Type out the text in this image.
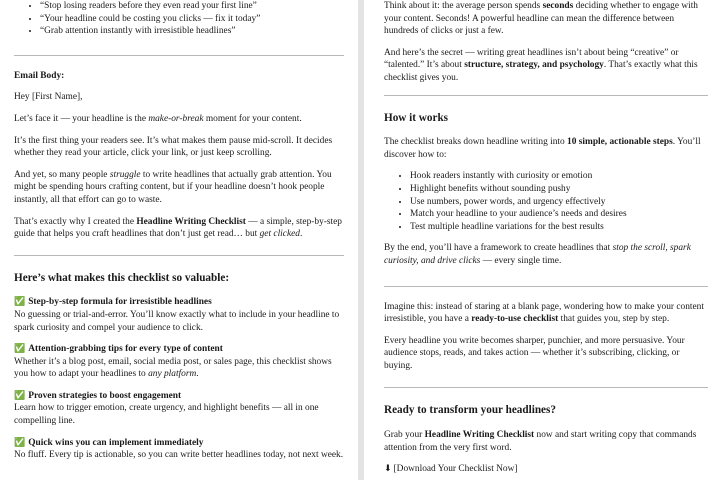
• “Stop losing readers before they even read your first line”
• “Your headline could be costing you clicks — fix it today”
• “Grab attention instantly with irresistible headlines”
Email Body:

Hey [First Name],

Let’s face it — your headline is the make-or-break moment for your content.

It’s the first thing your readers see. It’s what makes them pause mid-scroll. It decides whether they read your article, click your link, or just keep scrolling.

And yet, so many people struggle to write headlines that actually grab attention. You might be spending hours crafting content, but if your headline doesn’t hook people instantly, all that effort can go to waste.

That’s exactly why I created the Headline Writing Checklist — a simple, step-by-step guide that helps you craft headlines that don’t just get read… but get clicked.

Here’s what makes this checklist so valuable:
✅ Step-by-step formula for irresistible headlines
No guessing or trial-and-error. You’ll know exactly what to include in your headline to spark curiosity and compel your audience to click.
✅ Attention-grabbing tips for every type of content
Whether it’s a blog post, email, social media post, or sales page, this checklist shows you how to adapt your headlines to any platform.
✅ Proven strategies to boost engagement
Learn how to trigger emotion, create urgency, and highlight benefits — all in one compelling line.
✅ Quick wins you can implement immediately
No fluff. Every tip is actionable, so you can write better headlines today, not next week.

Think about it: the average person spends seconds deciding whether to engage with your content. Seconds! A powerful headline can mean the difference between hundreds of clicks or just a few.

And here’s the secret — writing great headlines isn’t about being “creative” or “talented.” It’s about structure, strategy, and psychology. That’s exactly what this checklist gives you.

How it works

The checklist breaks down headline writing into 10 simple, actionable steps. You’ll discover how to:

• Hook readers instantly with curiosity or emotion
• Highlight benefits without sounding pushy
• Use numbers, power words, and urgency effectively
• Match your headline to your audience’s needs and desires
• Test multiple headline variations for the best results

By the end, you’ll have a framework to create headlines that stop the scroll, spark curiosity, and drive clicks — every single time.

Imagine this: instead of staring at a blank page, wondering how to make your content irresistible, you have a ready-to-use checklist that guides you, step by step.

Every headline you write becomes sharper, punchier, and more persuasive. Your audience stops, reads, and takes action — whether it’s subscribing, clicking, or buying.

Ready to transform your headlines?

Grab your Headline Writing Checklist now and start writing copy that commands attention from the very first word.

⬇ [Download Your Checklist Now]
